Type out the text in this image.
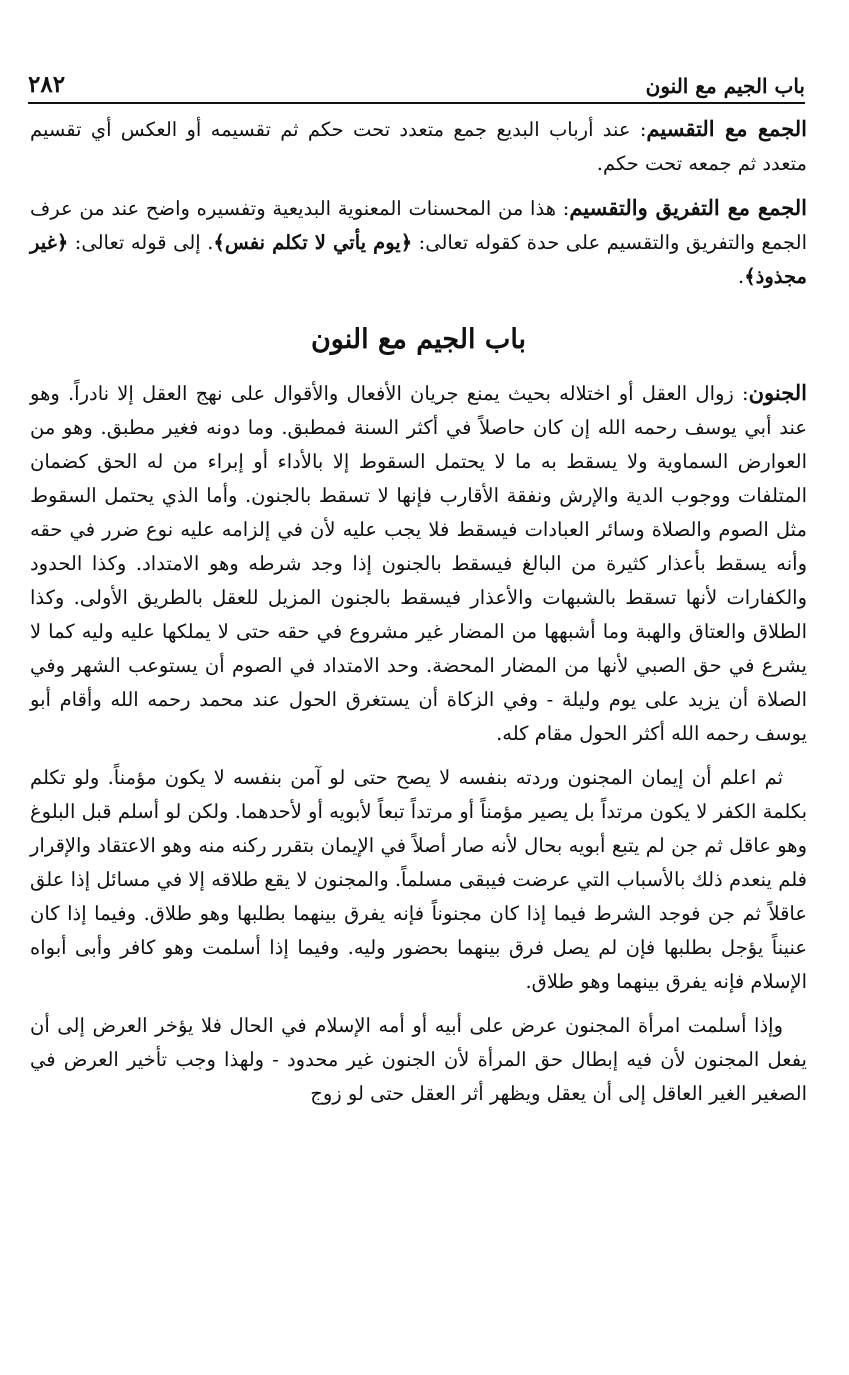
٢٨٢	باب الجيم مع النون

الجمع مع التقسيم: عند أرباب البديع جمع متعدد تحت حكم ثم تقسيمه أو العكس أي تقسيم متعدد ثم جمعه تحت حكم.

الجمع مع التفريق والتقسيم: هذا من المحسنات المعنوية البديعية وتفسيره واضح عند من عرف الجمع والتفريق والتقسيم على حدة كقوله تعالى: ﴿يوم يأتي لا تكلم نفس﴾. إلى قوله تعالى: ﴿غير مجذوذ﴾.

باب الجيم مع النون

الجنون: زوال العقل أو اختلاله بحيث يمنع جريان الأفعال والأقوال على نهج العقل إلا نادراً. وهو عند أبي يوسف رحمه الله إن كان حاصلاً في أكثر السنة فمطبق. وما دونه فغير مطبق. وهو من العوارض السماوية ولا يسقط به ما لا يحتمل السقوط إلا بالأداء أو إبراء من له الحق كضمان المتلفات ووجوب الدية والإرش ونفقة الأقارب فإنها لا تسقط بالجنون. وأما الذي يحتمل السقوط مثل الصوم والصلاة وسائر العبادات فيسقط فلا يجب عليه لأن في إلزامه عليه نوع ضرر في حقه وأنه يسقط بأعذار كثيرة من البالغ فيسقط بالجنون إذا وجد شرطه وهو الامتداد. وكذا الحدود والكفارات لأنها تسقط بالشبهات والأعذار فيسقط بالجنون المزيل للعقل بالطريق الأولى. وكذا الطلاق والعتاق والهبة وما أشبهها من المضار غير مشروع في حقه حتى لا يملكها عليه وليه كما لا يشرع في حق الصبي لأنها من المضار المحضة. وحد الامتداد في الصوم أن يستوعب الشهر وفي الصلاة أن يزيد على يوم وليلة - وفي الزكاة أن يستغرق الحول عند محمد رحمه الله وأقام أبو يوسف رحمه الله أكثر الحول مقام كله.

ثم اعلم أن إيمان المجنون وردته بنفسه لا يصح حتى لو آمن بنفسه لا يكون مؤمناً. ولو تكلم بكلمة الكفر لا يكون مرتداً بل يصير مؤمناً أو مرتداً تبعاً لأبويه أو لأحدهما. ولكن لو أسلم قبل البلوغ وهو عاقل ثم جن لم يتبع أبويه بحال لأنه صار أصلاً في الإيمان بتقرر ركنه منه وهو الاعتقاد والإقرار فلم ينعدم ذلك بالأسباب التي عرضت فيبقى مسلماً. والمجنون لا يقع طلاقه إلا في مسائل إذا علق عاقلاً ثم جن فوجد الشرط فيما إذا كان مجنوناً فإنه يفرق بينهما بطلبها وهو طلاق. وفيما إذا كان عنيناً يؤجل بطلبها فإن لم يصل فرق بينهما بحضور وليه. وفيما إذا أسلمت وهو كافر وأبى أبواه الإسلام فإنه يفرق بينهما وهو طلاق.

وإذا أسلمت امرأة المجنون عرض على أبيه أو أمه الإسلام في الحال فلا يؤخر العرض إلى أن يفعل المجنون لأن فيه إبطال حق المرأة لأن الجنون غير محدود - ولهذا وجب تأخير العرض في الصغير الغير العاقل إلى أن يعقل ويظهر أثر العقل حتى لو زوج
